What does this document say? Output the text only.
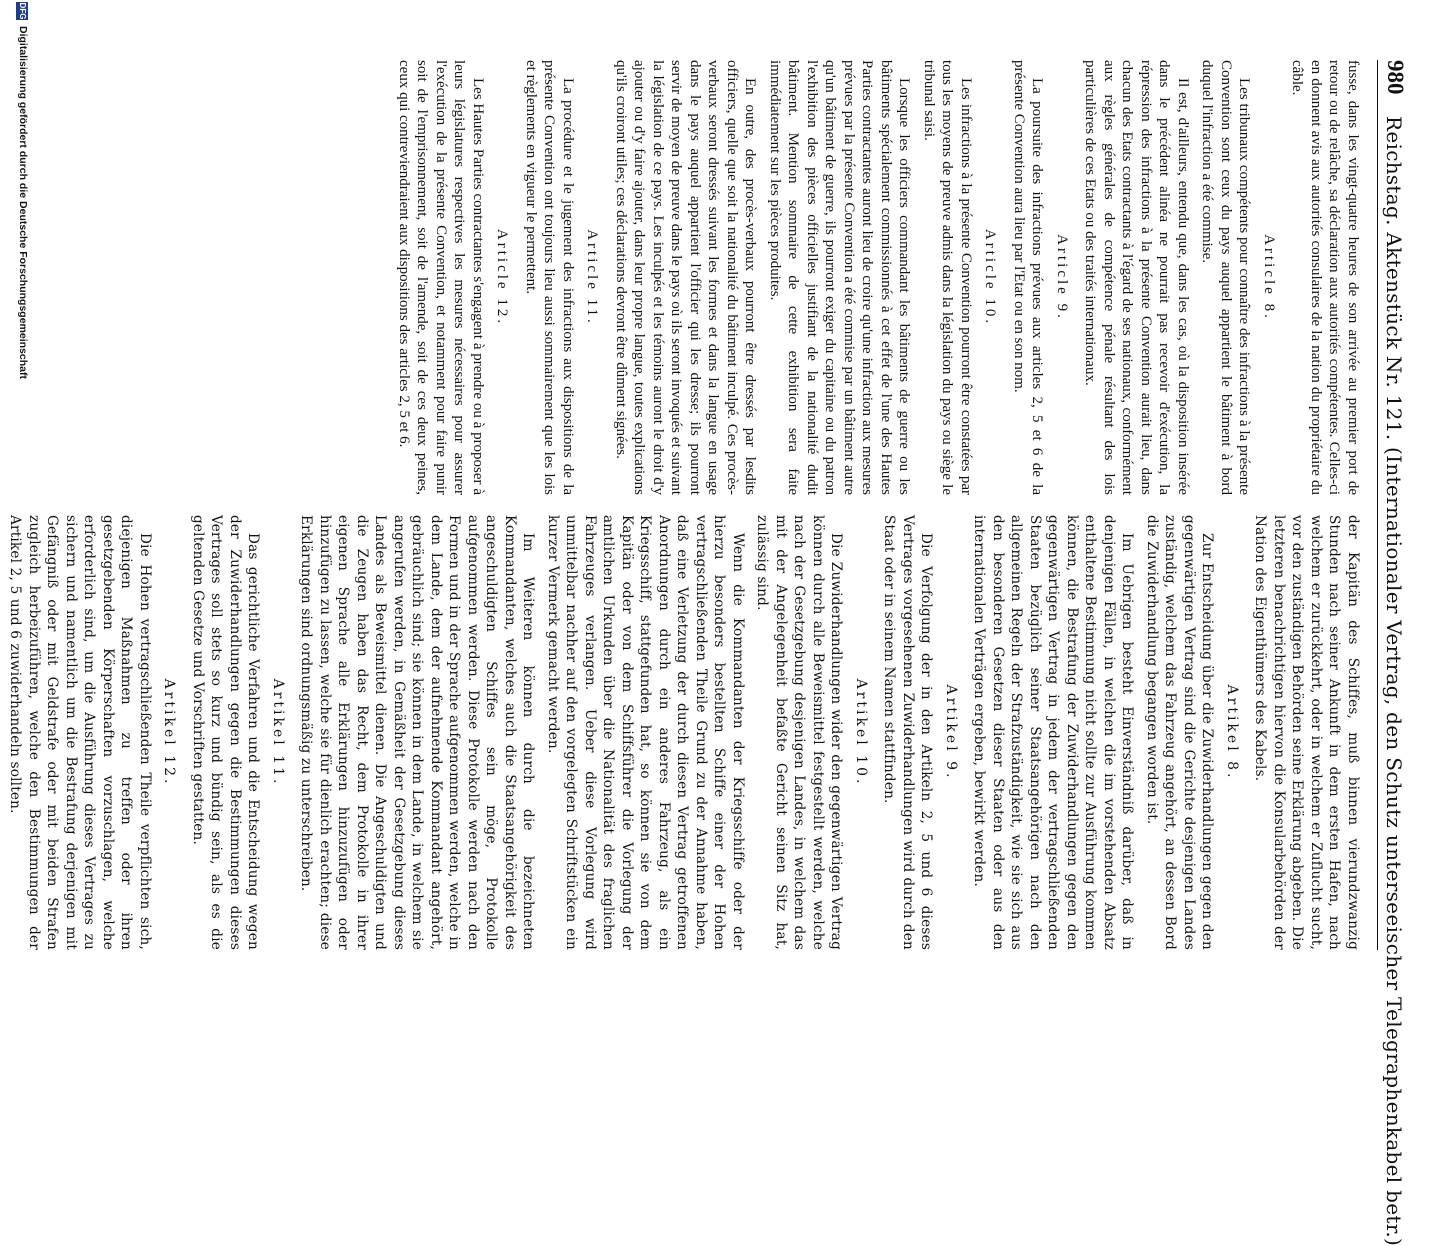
980
Reichstag. Aktenstück Nr. 121. (Internationaler Vertrag, den Schutz unterseeischer Telegraphenkabel betr.)

fusse, dans les vingt-quatre heures de son arrivée au premier port de retour ou de relâche, sa déclaration aux autorités compétentes. Celles-ci en donnent avis aux autorités consulaires de la nation du propriétaire du câble.

Article 8.

Les tribunaux compétents pour connaître des infractions à la présente Convention sont ceux du pays auquel appartient le bâtiment à bord duquel l'infraction a été commise.

Il est, d'ailleurs, entendu que, dans les cas, où la disposition insérée dans le précédent alinéa ne pourrait pas recevoir d'exécution, la répression des infractions à la présente Convention aurait lieu, dans chacun des Etats contractants à l'égard de ses nationaux, conformément aux règles générales de compétence pénale résultant des lois particulières de ces Etats ou des traités internationaux.

Article 9.

La poursuite des infractions prévues aux articles 2, 5 et 6 de la présente Convention aura lieu par l'Etat ou en son nom.

Article 10.

Les infractions à la présente Convention pourront être constatées par tous les moyens de preuve admis dans la législation du pays ou siège le tribunal saisi.

Lorsque les officiers commandant les bâtiments de guerre ou les bâtiments spécialement commissionnés à cet effet de l'une des Hautes Parties contractantes auront lieu de croire qu'une infraction aux mesures prévues par la présente Convention a été commise par un bâtiment autre qu'un bâtiment de guerre, ils pourront exiger du capitaine ou du patron l'exhibition des pièces officielles justifiant de la nationalité dudit bâtiment. Mention sommaire de cette exhibition sera faite immédiatement sur les pièces produites.

En outre, des procès-verbaux pourront être dressés par lesdits officiers, quelle que soit la nationalité du bâtiment inculpé. Ces procès-verbaux seront dressés suivant les formes et dans la langue en usage dans le pays auquel appartient l'officier qui les dresse; ils pourront servir de moyen de preuve dans le pays où ils seront invoqués et suivant la législation de ce pays. Les inculpés et les témoins auront le droit d'y ajouter ou d'y faire ajouter, dans leur propre langue, toutes explications qu'ils croiront utiles; ces déclarations devront être dûment signées.

Article 11.

La procédure et le jugement des infractions aux dispositions de la présente Convention ont toujours lieu aussi sommairement que les lois et règlements en vigueur le permettent.

Article 12.

Les Hautes Parties contractantes s'engagent à prendre ou à proposer à leurs législatures respectives les mesures nécessaires pour assurer l'exécution de la présente Convention, et notamment pour faire punir soit de l'emprisonnement, soit de l'amende, soit de ces deux peines, ceux qui contreviendraient aux dispositions des articles 2, 5 et 6.

der Kapitän des Schiffes, muß binnen vierundzwanzig Stunden nach seiner Ankunft in dem ersten Hafen, nach welchem er zurückkehrt, oder in welchem er Zuflucht sucht, vor den zuständigen Behörden seine Erklärung abgeben. Die letzteren benachrichtigen hiervon die Konsularbehörden der Nation des Eigenthümers des Kabels.

Artikel 8.

Zur Entscheidung über die Zuwiderhandlungen gegen den gegenwärtigen Vertrag sind die Gerichte desjenigen Landes zuständig, welchem das Fahrzeug angehört, an dessen Bord die Zuwiderhandlung begangen worden ist.

Im Uebrigen besteht Einverständniß darüber, daß in denjenigen Fällen, in welchen die im vorstehenden Absatz enthaltene Bestimmung nicht sollte zur Ausführung kommen können, die Bestrafung der Zuwiderhandlungen gegen den gegenwärtigen Vertrag in jedem der vertragschließenden Staaten bezüglich seiner Staatsangehörigen nach den allgemeinen Regeln der Strafzuständigkeit, wie sie sich aus den besonderen Gesetzen dieser Staaten oder aus den internationalen Verträgen ergeben, bewirkt werden.

Artikel 9.

Die Verfolgung der in den Artikeln 2, 5 und 6 dieses Vertrages vorgesehenen Zuwiderhandlungen wird durch den Staat oder in seinem Namen stattfinden.

Artikel 10.

Die Zuwiderhandlungen wider den gegenwärtigen Vertrag können durch alle Beweismittel festgestellt werden, welche nach der Gesetzgebung desjenigen Landes, in welchem das mit der Angelegenheit befaßte Gericht seinen Sitz hat, zulässig sind.

Wenn die Kommandanten der Kriegsschiffe oder der hierzu besonders bestellten Schiffe einer der Hohen vertragschließenden Theile Grund zu der Annahme haben, daß eine Verletzung der durch diesen Vertrag getroffenen Anordnungen durch ein anderes Fahrzeug, als ein Kriegsschiff, stattgefunden hat, so können sie von dem Kapitän oder von dem Schiffsführer die Vorlegung der amtlichen Urkunden über die Nationalität des fraglichen Fahrzeuges verlangen. Ueber diese Vorlegung wird unmittelbar nachher auf den vorgelegten Schriftstücken ein kurzer Vermerk gemacht werden.

Im Weiteren können durch die bezeichneten Kommandanten, welches auch die Staatsangehörigkeit des angeschuldigten Schiffes sein möge, Protokolle aufgenommen werden. Diese Protokolle werden nach den Formen und in der Sprache aufgenommen werden, welche in dem Lande, dem der aufnehmende Kommandant angehört, gebräuchlich sind; sie können in dem Lande, in welchem sie angerufen werden, in Gemäßheit der Gesetzgebung dieses Landes als Beweismittel dienen. Die Angeschuldigten und die Zeugen haben das Recht, dem Protokolle in ihrer eigenen Sprache alle Erklärungen hinzuzufügen oder hinzufügen zu lassen, welche sie für dienlich erachten; diese Erklärungen sind ordnungsmäßig zu unterschreiben.

Artikel 11.

Das gerichtliche Verfahren und die Entscheidung wegen der Zuwiderhandlungen gegen die Bestimmungen dieses Vertrages soll stets so kurz und bündig sein, als es die geltenden Gesetze und Vorschriften gestatten.

Artikel 12.

Die Hohen vertragschließenden Theile verpflichten sich, diejenigen Maßnahmen zu treffen oder ihren gesetzgebenden Körperschaften vorzuschlagen, welche erforderlich sind, um die Ausführung dieses Vertrages zu sichern und namentlich um die Bestrafung derjenigen mit Gefängniß oder mit Geldstrafe oder mit beiden Strafen zugleich herbeizuführen, welche den Bestimmungen der Artikel 2, 5 und 6 zuwiderhandeln sollten.

DFG
Digitalisierung gefördert durch die Deutsche Forschungsgemeinschaft
